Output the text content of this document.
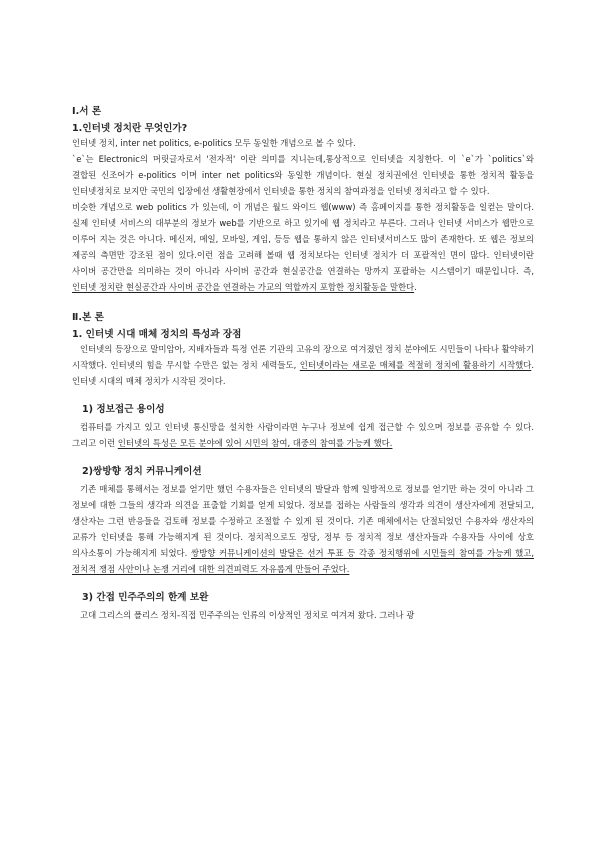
Ⅰ.서 론

1.인터넷 정치란 무엇인가?

인터넷 정치, inter net politics, e-politics 모두 동일한 개념으로 볼 수 있다.

`e`는 Electronic의 머릿글자로서 '전자적' 이란 의미를 지니는데,통상적으로 인터넷을 지칭한다. 이 `e`가 `politics`와 결합된 신조어가 e-politics 이며 inter net politics와 동일한 개념이다. 현실 정치권에선 인터넷을 통한 정치적 활동을 인터넷정치로 보지만 국민의 입장에선 생활현장에서 인터넷을 통한 정치의 참여과정을 인터넷 정치라고 할 수 있다.

비슷한 개념으로 web politics 가 있는데, 이 개념은 월드 와이드 웹(www) 즉 홈페이지를 통한 정치활동을 일컫는 말이다. 실제 인터넷 서비스의 대부분의 정보가 web를 기반으로 하고 있기에 웹 정치라고 부른다. 그러나 인터넷 서비스가 웹만으로 이루어 지는 것은 아니다. 메신저, 메일, 모바일, 게임, 등등 웹을 통하지 않은 인터넷서비스도 많이 존재한다. 또 웹은 정보의 제공의 측면만 강조된 점이 있다.이런 점을 고려해 볼때 웹 정치보다는 인터넷 정치가 더 포괄적인 면이 많다. 인터넷이란 사이버 공간만을 의미하는 것이 아니라 사이버 공간과 현실공간을 연결하는 망까지 포괄하는 시스템이기 때문입니다. 즉, 인터넷 정치란 현실공간과 사이버 공간을 연결하는 가교의 역할까지 포함한 정치활동을 말한다.

Ⅱ.본 론

1. 인터넷 시대 매체 정치의 특성과 장점

인터넷의 등장으로 말미암아, 지배자들과 특정 언론 기관의 고유의 장으로 여겨졌던 정치 분야에도 시민들이 나타나 활약하기 시작했다. 인터넷의 힘을 무시할 수만은 없는 정치 세력들도, 인터넷이라는 새로운 매체를 적절히 정치에 활용하기 시작했다. 인터넷 시대의 매체 정치가 시작된 것이다.

1) 정보접근 용이성

컴퓨터를 가지고 있고 인터넷 통신망을 설치한 사람이라면 누구나 정보에 쉽게 접근할 수 있으며 정보를 공유할 수 있다. 그리고 이런 인터넷의 특성은 모든 분야에 있어 시민의 참여, 대중의 참여를 가능케 했다.

2)쌍방향 정치 커뮤니케이션

기존 매체를 통해서는 정보를 얻기만 했던 수용자들은 인터넷의 발달과 함께 일방적으로 정보를 얻기만 하는 것이 아니라 그 정보에 대한 그들의 생각과 의견을 표출할 기회를 얻게 되었다. 정보를 접하는 사람들의 생각과 의견이 생산자에게 전달되고, 생산자는 그런 반응들을 검토해 정보를 수정하고 조절할 수 있게 된 것이다. 기존 매체에서는 단절되었던 수용자와 생산자의 교류가 인터넷을 통해 가능해지게 된 것이다. 정치적으로도 정당, 정부 등 정치적 정보 생산자들과 수용자들 사이에 상호 의사소통이 가능해지게 되었다. 쌍방향 커뮤니케이션의 발달은 선거 투표 등 각종 정치행위에 시민들의 참여를 가능케 했고, 정치적 쟁점 사안이나 논쟁 거리에 대한 의견피력도 자유롭게 만들어 주었다.

3) 간접 민주주의의 한계 보완

고대 그리스의 폴리스 정치-직접 민주주의는 인류의 이상적인 정치로 여겨져 왔다. 그러나 광
